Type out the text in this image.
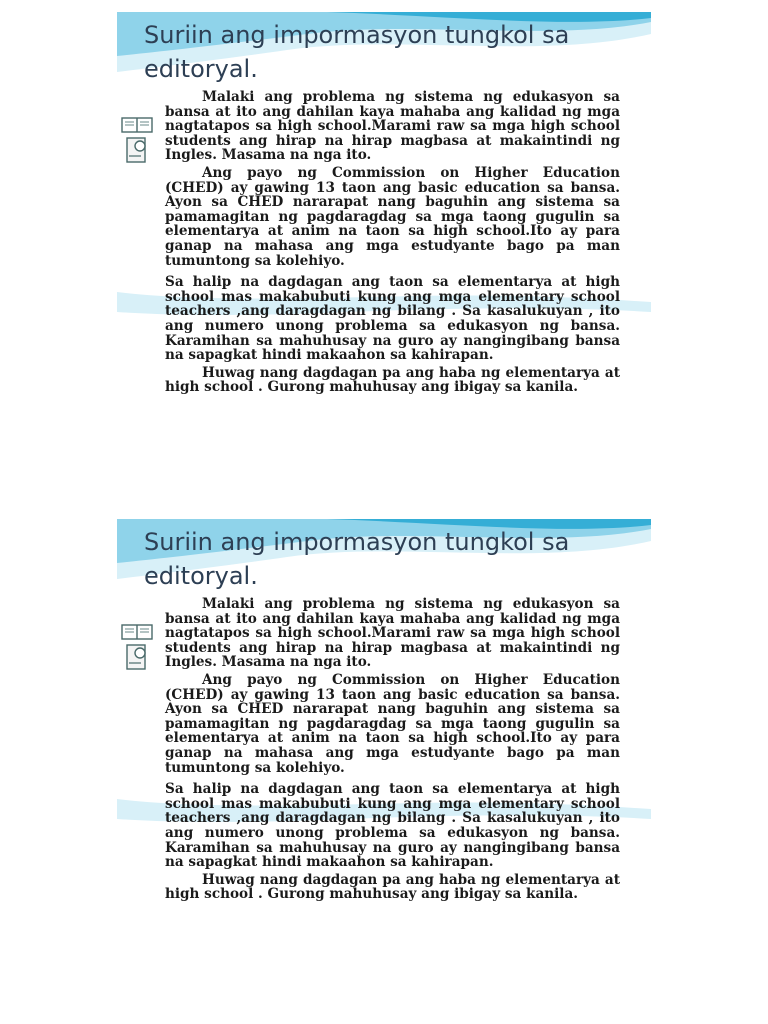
Suriin ang impormasyon tungkol sa editoryal.

Malaki ang problema ng sistema ng edukasyon sa bansa at ito ang dahilan kaya mahaba ang kalidad ng mga nagtatapos sa high school.Marami raw sa mga high school students ang hirap na hirap magbasa at makaintindi ng Ingles. Masama na nga ito.

Ang payo ng Commission on Higher Education (CHED) ay gawing 13 taon ang basic education sa bansa. Ayon sa CHED nararapat nang baguhin ang sistema sa pamamagitan ng pagdaragdag sa mga taong gugulin sa elementarya at anim na taon sa high school.Ito ay para ganap na mahasa ang mga estudyante bago pa man tumuntong sa kolehiyo.

Sa halip na dagdagan ang taon sa elementarya at high school mas makabubuti kung ang mga elementary school teachers ,ang daragdagan ng bilang . Sa kasalukuyan , ito ang numero unong problema sa edukasyon ng bansa. Karamihan sa mahuhusay na guro ay nangingibang bansa na sapagkat hindi makaahon sa kahirapan.

Huwag nang dagdagan pa ang haba ng elementarya at high school . Gurong mahuhusay ang ibigay sa kanila.

Suriin ang impormasyon tungkol sa editoryal.

Malaki ang problema ng sistema ng edukasyon sa bansa at ito ang dahilan kaya mahaba ang kalidad ng mga nagtatapos sa high school.Marami raw sa mga high school students ang hirap na hirap magbasa at makaintindi ng Ingles. Masama na nga ito.

Ang payo ng Commission on Higher Education (CHED) ay gawing 13 taon ang basic education sa bansa. Ayon sa CHED nararapat nang baguhin ang sistema sa pamamagitan ng pagdaragdag sa mga taong gugulin sa elementarya at anim na taon sa high school.Ito ay para ganap na mahasa ang mga estudyante bago pa man tumuntong sa kolehiyo.

Sa halip na dagdagan ang taon sa elementarya at high school mas makabubuti kung ang mga elementary school teachers ,ang daragdagan ng bilang . Sa kasalukuyan , ito ang numero unong problema sa edukasyon ng bansa. Karamihan sa mahuhusay na guro ay nangingibang bansa na sapagkat hindi makaahon sa kahirapan.

Huwag nang dagdagan pa ang haba ng elementarya at high school . Gurong mahuhusay ang ibigay sa kanila.
